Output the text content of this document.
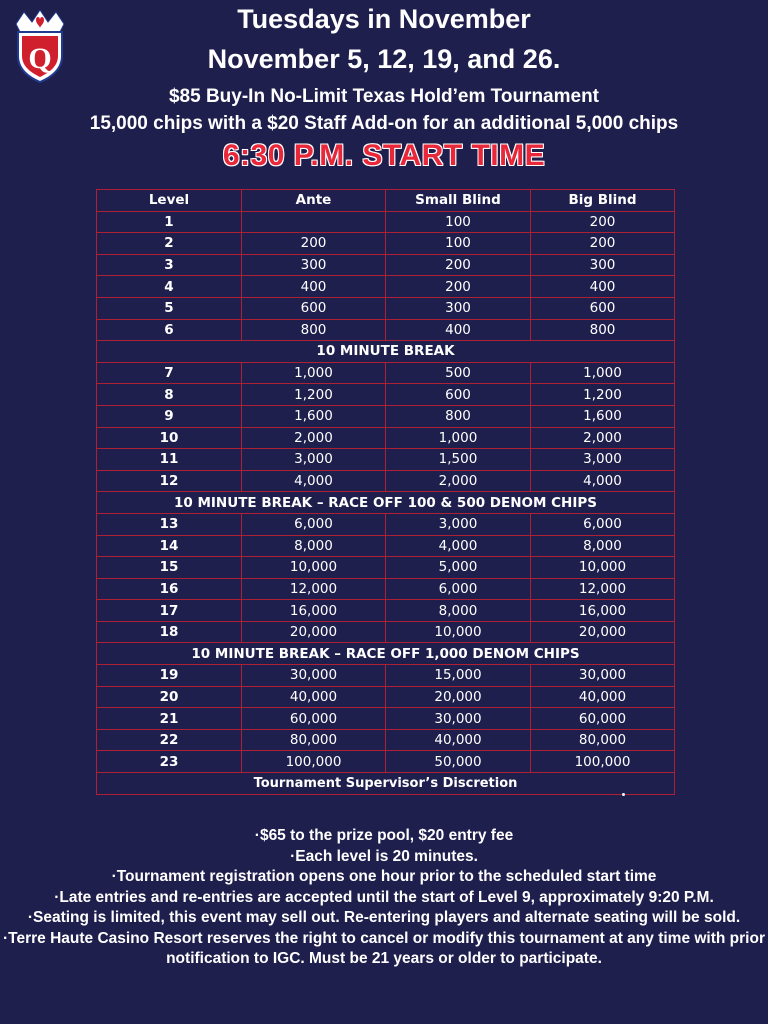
Q
Tuesdays in November
November 5, 12, 19, and 26.
$85 Buy-In No-Limit Texas Hold’em Tournament
15,000 chips with a $20 Staff Add-on for an additional 5,000 chips
6:30 P.M. START TIME
Level	Ante	Small Blind	Big Blind
1		100	200
2	200	100	200
3	300	200	300
4	400	200	400
5	600	300	600
6	800	400	800
10 MINUTE BREAK			
7	1,000	500	1,000
8	1,200	600	1,200
9	1,600	800	1,600
10	2,000	1,000	2,000
11	3,000	1,500	3,000
12	4,000	2,000	4,000
10 MINUTE BREAK – RACE OFF 100 & 500 DENOM CHIPS			
13	6,000	3,000	6,000
14	8,000	4,000	8,000
15	10,000	5,000	10,000
16	12,000	6,000	12,000
17	16,000	8,000	16,000
18	20,000	10,000	20,000
10 MINUTE BREAK – RACE OFF 1,000 DENOM CHIPS			
19	30,000	15,000	30,000
20	40,000	20,000	40,000
21	60,000	30,000	60,000
22	80,000	40,000	80,000
23	100,000	50,000	100,000
Tournament Supervisor’s Discretion			
·$65 to the prize pool, $20 entry fee
·Each level is 20 minutes.
·Tournament registration opens one hour prior to the scheduled start time
·Late entries and re-entries are accepted until the start of Level 9, approximately 9:20 P.M.
·Seating is limited, this event may sell out. Re-entering players and alternate seating will be sold.
·Terre Haute Casino Resort reserves the right to cancel or modify this tournament at any time with prior notification to IGC. Must be 21 years or older to participate.
